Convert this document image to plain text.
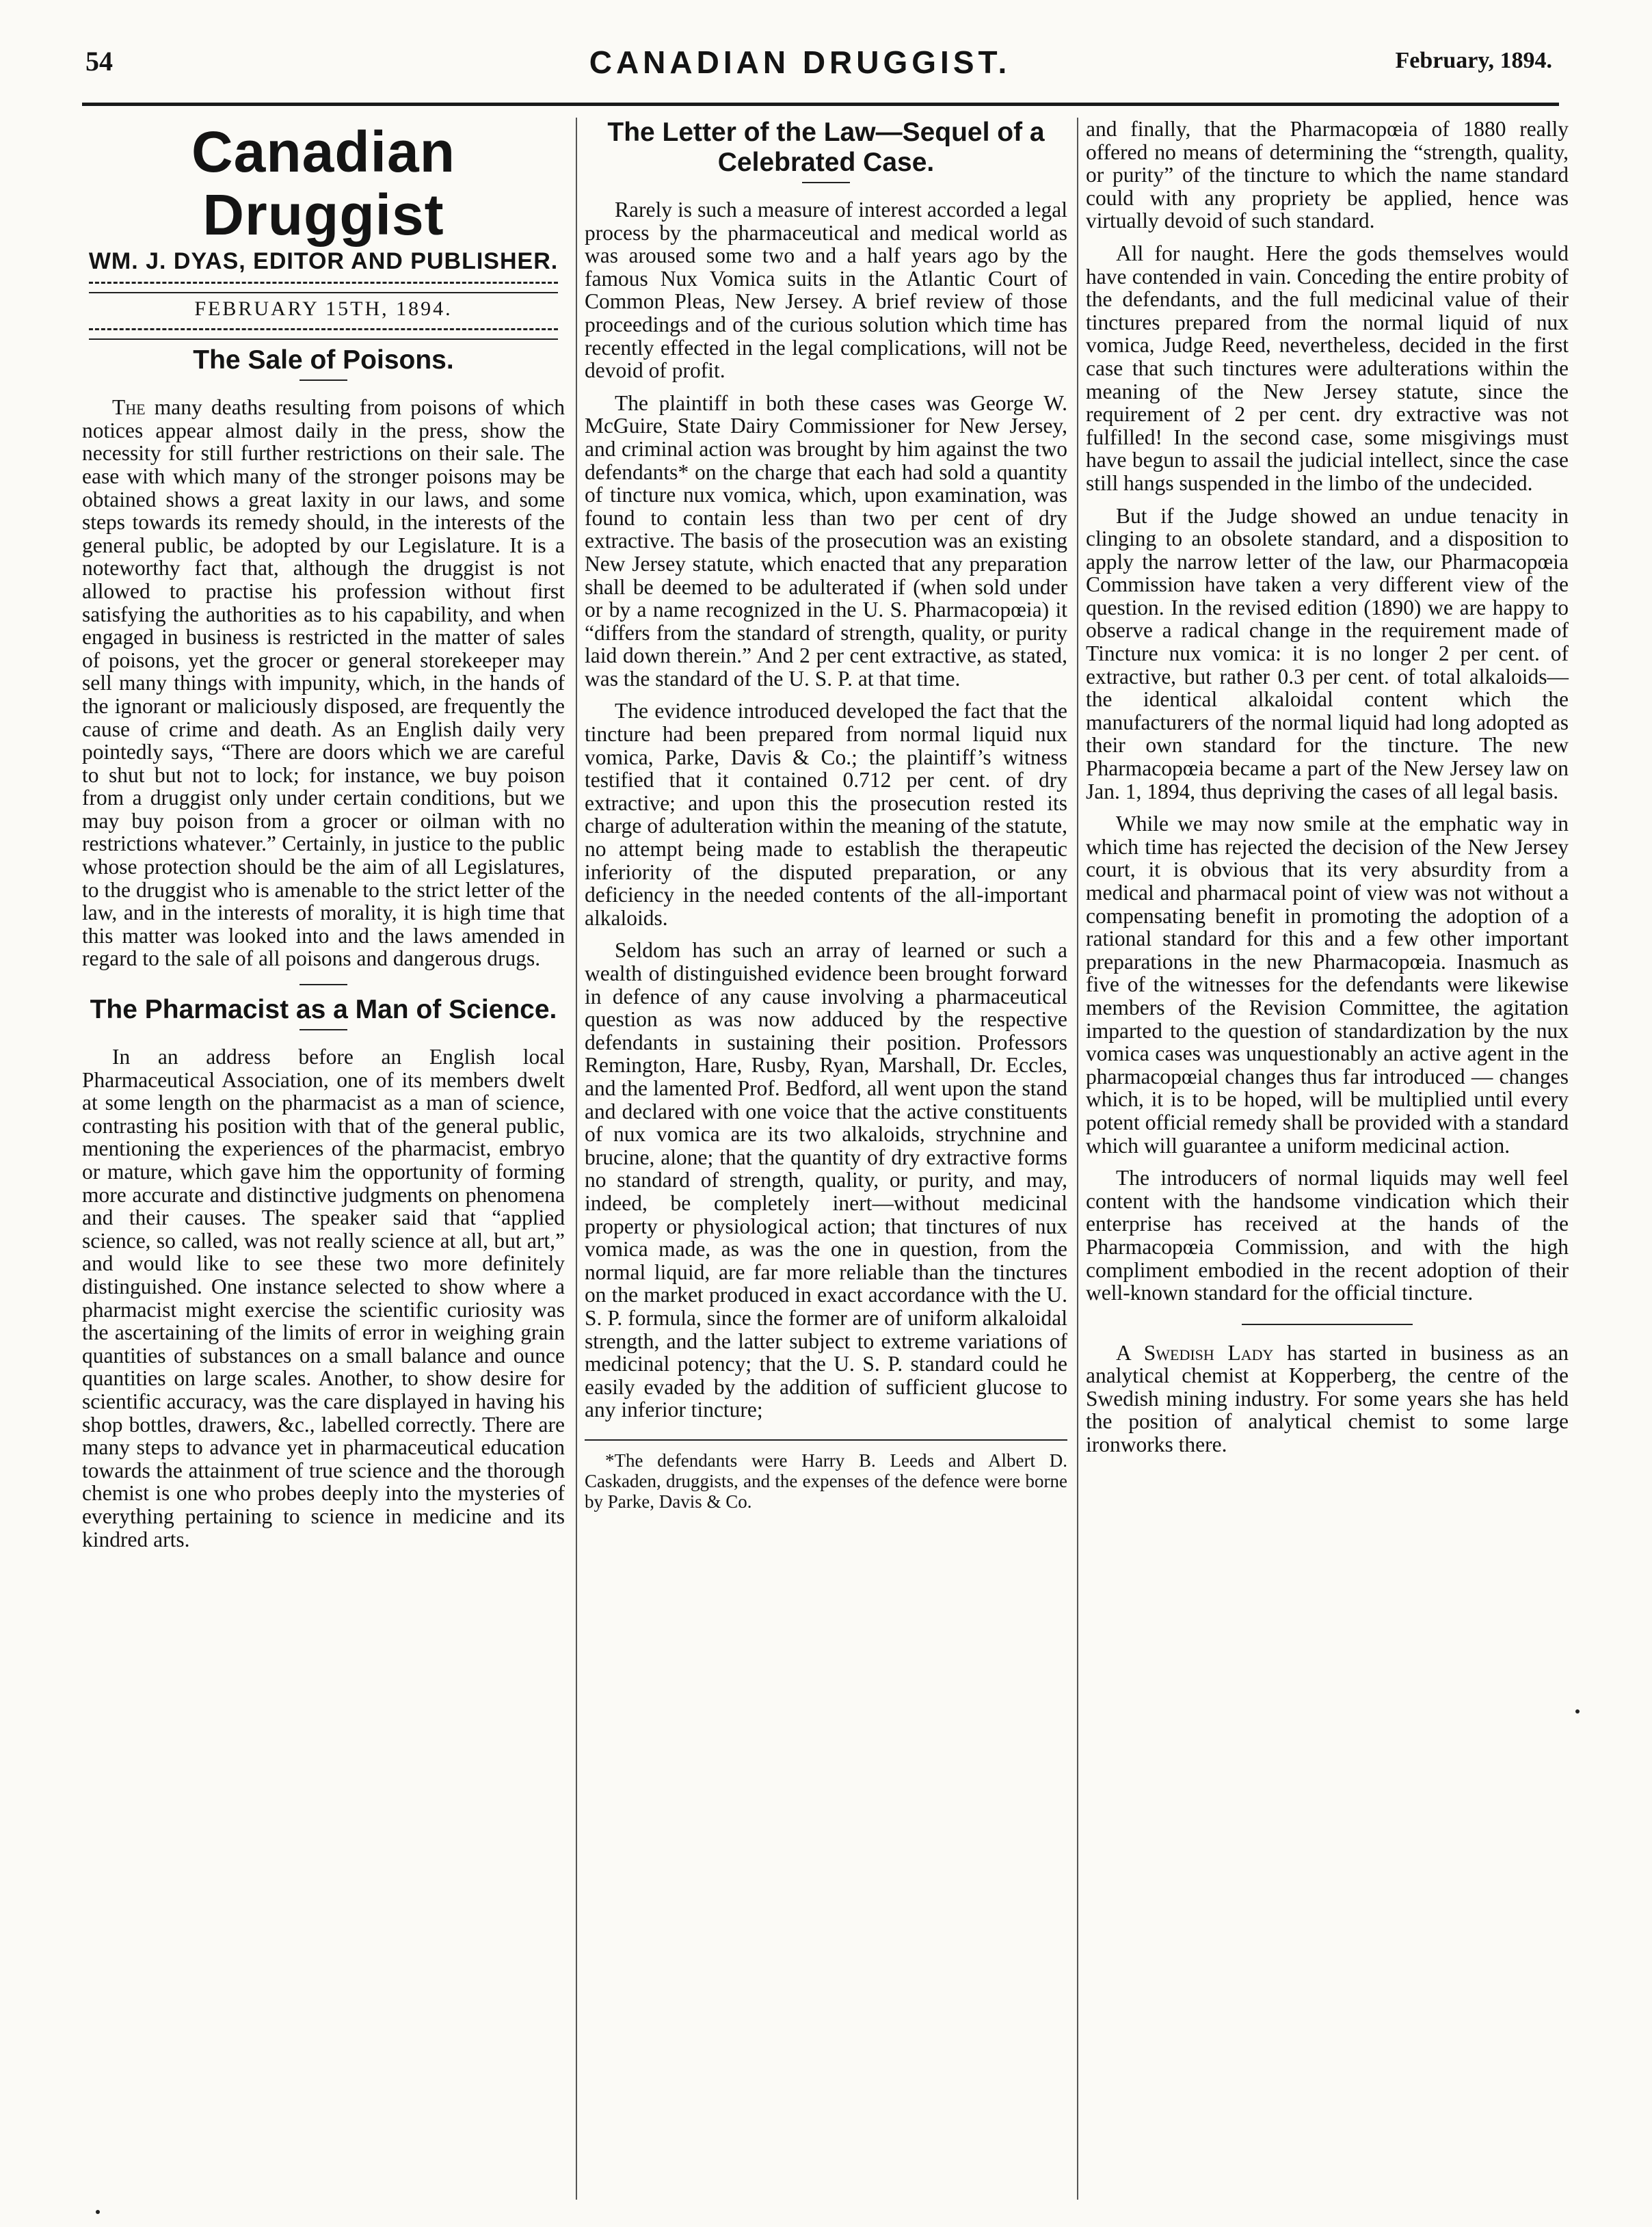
54	CANADIAN DRUGGIST.	February, 1894.
Canadian Druggist
WM. J. DYAS, EDITOR AND PUBLISHER.
FEBRUARY 15TH, 1894.
The Sale of Poisons.

The many deaths resulting from poisons of which notices appear almost daily in the press, show the necessity for still further restrictions on their sale. The ease with which many of the stronger poisons may be obtained shows a great laxity in our laws, and some steps towards its remedy should, in the interests of the general public, be adopted by our Legislature. It is a noteworthy fact that, although the druggist is not allowed to practise his profession without first satisfying the authorities as to his capability, and when engaged in business is restricted in the matter of sales of poisons, yet the grocer or general storekeeper may sell many things with impunity, which, in the hands of the ignorant or maliciously disposed, are frequently the cause of crime and death. As an English daily very pointedly says, “There are doors which we are careful to shut but not to lock; for instance, we buy poison from a druggist only under certain conditions, but we may buy poison from a grocer or oilman with no restrictions whatever.” Certainly, in justice to the public whose protection should be the aim of all Legislatures, to the druggist who is amenable to the strict letter of the law, and in the interests of morality, it is high time that this matter was looked into and the laws amended in regard to the sale of all poisons and dangerous drugs.

The Pharmacist as a Man of Science.

In an address before an English local Pharmaceutical Association, one of its members dwelt at some length on the pharmacist as a man of science, contrasting his position with that of the general public, mentioning the experiences of the pharmacist, embryo or mature, which gave him the opportunity of forming more accurate and distinctive judgments on phenomena and their causes. The speaker said that “applied science, so called, was not really science at all, but art,” and would like to see these two more definitely distinguished. One instance selected to show where a pharmacist might exercise the scientific curiosity was the ascertaining of the limits of error in weighing grain quantities of substances on a small balance and ounce quantities on large scales. Another, to show desire for scientific accuracy, was the care displayed in having his shop bottles, drawers, &c., labelled correctly. There are many steps to advance yet in pharmaceutical education towards the attainment of true science and the thorough chemist is one who probes deeply into the mysteries of everything pertaining to science in medicine and its kindred arts.

The Letter of the Law—Sequel of a Celebrated Case.

Rarely is such a measure of interest accorded a legal process by the pharmaceutical and medical world as was aroused some two and a half years ago by the famous Nux Vomica suits in the Atlantic Court of Common Pleas, New Jersey. A brief review of those proceedings and of the curious solution which time has recently effected in the legal complications, will not be devoid of profit.

The plaintiff in both these cases was George W. McGuire, State Dairy Commissioner for New Jersey, and criminal action was brought by him against the two defendants* on the charge that each had sold a quantity of tincture nux vomica, which, upon examination, was found to contain less than two per cent of dry extractive. The basis of the prosecution was an existing New Jersey statute, which enacted that any preparation shall be deemed to be adulterated if (when sold under or by a name recognized in the U. S. Pharmacopœia) it “differs from the standard of strength, quality, or purity laid down therein.” And 2 per cent extractive, as stated, was the standard of the U. S. P. at that time.

The evidence introduced developed the fact that the tincture had been prepared from normal liquid nux vomica, Parke, Davis & Co.; the plaintiff’s witness testified that it contained 0.712 per cent. of dry extractive; and upon this the prosecution rested its charge of adulteration within the meaning of the statute, no attempt being made to establish the therapeutic inferiority of the disputed preparation, or any deficiency in the needed contents of the all-important alkaloids.

Seldom has such an array of learned or such a wealth of distinguished evidence been brought forward in defence of any cause involving a pharmaceutical question as was now adduced by the respective defendants in sustaining their position. Professors Remington, Hare, Rusby, Ryan, Marshall, Dr. Eccles, and the lamented Prof. Bedford, all went upon the stand and declared with one voice that the active constituents of nux vomica are its two alkaloids, strychnine and brucine, alone; that the quantity of dry extractive forms no standard of strength, quality, or purity, and may, indeed, be completely inert—without medicinal property or physiological action; that tinctures of nux vomica made, as was the one in question, from the normal liquid, are far more reliable than the tinctures on the market produced in exact accordance with the U. S. P. formula, since the former are of uniform alkaloidal strength, and the latter subject to extreme variations of medicinal potency; that the U. S. P. standard could he easily evaded by the addition of sufficient glucose to any inferior tincture;

*The defendants were Harry B. Leeds and Albert D. Caskaden, druggists, and the expenses of the defence were borne by Parke, Davis & Co.

and finally, that the Pharmacopœia of 1880 really offered no means of determining the “strength, quality, or purity” of the tincture to which the name standard could with any propriety be applied, hence was virtually devoid of such standard.

All for naught. Here the gods themselves would have contended in vain. Conceding the entire probity of the defendants, and the full medicinal value of their tinctures prepared from the normal liquid of nux vomica, Judge Reed, nevertheless, decided in the first case that such tinctures were adulterations within the meaning of the New Jersey statute, since the requirement of 2 per cent. dry extractive was not fulfilled! In the second case, some misgivings must have begun to assail the judicial intellect, since the case still hangs suspended in the limbo of the undecided.

But if the Judge showed an undue tenacity in clinging to an obsolete standard, and a disposition to apply the narrow letter of the law, our Pharmacopœia Commission have taken a very different view of the question. In the revised edition (1890) we are happy to observe a radical change in the requirement made of Tincture nux vomica: it is no longer 2 per cent. of extractive, but rather 0.3 per cent. of total alkaloids—the identical alkaloidal content which the manufacturers of the normal liquid had long adopted as their own standard for the tincture. The new Pharmacopœia became a part of the New Jersey law on Jan. 1, 1894, thus depriving the cases of all legal basis.

While we may now smile at the emphatic way in which time has rejected the decision of the New Jersey court, it is obvious that its very absurdity from a medical and pharmacal point of view was not without a compensating benefit in promoting the adoption of a rational standard for this and a few other important preparations in the new Pharmacopœia. Inasmuch as five of the witnesses for the defendants were likewise members of the Revision Committee, the agitation imparted to the question of standardization by the nux vomica cases was unquestionably an active agent in the pharmacopœial changes thus far introduced — changes which, it is to be hoped, will be multiplied until every potent official remedy shall be provided with a standard which will guarantee a uniform medicinal action.

The introducers of normal liquids may well feel content with the handsome vindication which their enterprise has received at the hands of the Pharmacopœia Commission, and with the high compliment embodied in the recent adoption of their well-known standard for the official tincture.

A Swedish Lady has started in business as an analytical chemist at Kopperberg, the centre of the Swedish mining industry. For some years she has held the position of analytical chemist to some large ironworks there.
